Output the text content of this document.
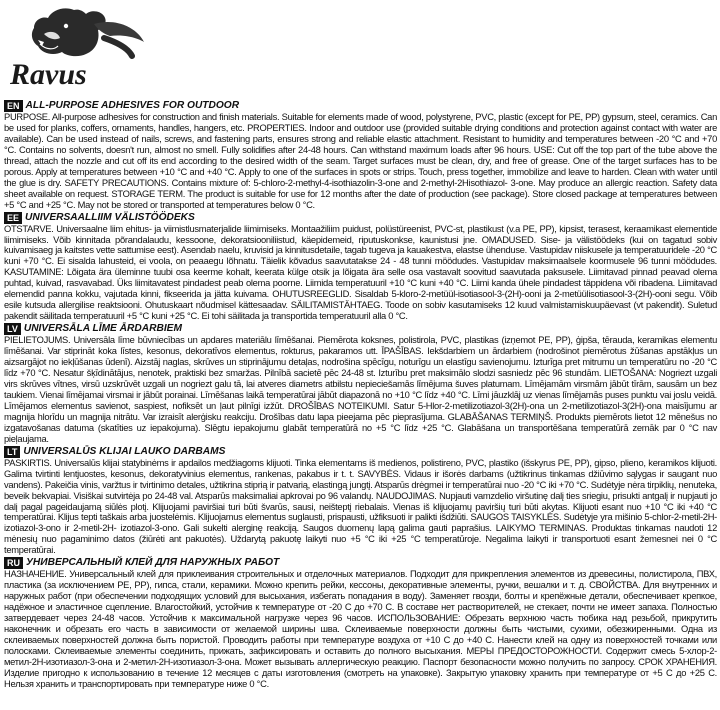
Ravus
EN ALL-PURPOSE ADHESIVES FOR OUTDOOR

PURPOSE. All-purpose adhesives for construction and finish materials. Suitable for elements made of wood, polystyrene, PVC, plastic (except for PE, PP) gypsum, steel, ceramics. Can be used for planks, coffers, ornaments, handles, hangers, etc. PROPERTIES. Indoor and outdoor use (provided suitable drying conditions and protection against contact with water are available). Can be used instead of nails, screws, and fastening parts, ensures strong and reliable elastic attachment. Resistant to humidity and temperatures between -20 °C and +70 °C. Contains no solvents, doesn't run, almost no smell. Fully solidifies after 24-48 hours. Can withstand maximum loads after 96 hours. USE: Cut off the top part of the tube above the thread, attach the nozzle and cut off its end according to the desired width of the seam. Target surfaces must be clean, dry, and free of grease. One of the target surfaces has to be porous. Apply at temperatures between +10 °C and +40 °C. Apply to one of the surfaces in spots or strips. Touch, press together, immobilize and leave to harden. Clean with water until the glue is dry. SAFETY PRECAUTIONS. Contains mixture of: 5-chloro-2-methyl-4-isothiazolin-3-one and 2-methyl-2Hisothiazol- 3-one. May produce an allergic reaction. Safety data sheet available on request. STORAGE TERM. The product is suitable for use for 12 months after the date of production (see package). Store closed package at temperatures between +5 °C and +25 °C. May not be stored or transported at temperatures below 0 °C.

EE UNIVERSAALLIIM VÄLISTÖÖDEKS

OTSTARVE. Universaalne liim ehitus- ja viimistlusmaterjalide liimimiseks. Montaažiliim puidust, polüstüreenist, PVC-st, plastikust (v.a PE, PP), kipsist, terasest, keraamikast elementide liimimiseks. Võib kinnitada põrandalaudu, kessoone, dekoratsiooniliistud, käepidemeid, riputuskonkse, kaunistusi jne. OMADUSED. Sise- ja välistöödeks (kui on tagatud sobiv kuivamisaeg ja kaitstes vette sattumise eest). Asendab naelu, kruvisid ja kinnitusdetaile, tagab tugeva ja kauakestva, elastse ühenduse. Vastupidav niiskusele ja temperatuuridele -20 °C kuni +70 °C. Ei sisalda lahusteid, ei voola, on peaaegu lõhnatu. Täielik kõvadus saavutatakse 24 - 48 tunni möödudes. Vastupidav maksimaalsele koormusele 96 tunni möödudes. KASUTAMINE: Lõigata ära üleminne tuubi osa keerme kohalt, keerata külge otsik ja lõigata ära selle osa vastavalt soovitud saavutada paksusele. Liimitavad pinnad peavad olema puhtad, kuivad, rasvavabad. Üks liimitavatest pindadest peab olema poorne. Liimida temperatuuril +10 °C kuni +40 °C. Liimi kanda ühele pindadest täppidena või ribadena. Liimitavad elemendid panna kokku, vajutada kinni, fikseerida ja jätta kuivama. OHUTUSREEGLID. Sisaldab 5-kloro-2-metüül-isotiasool-3-(2H)-ooni ja 2-metüülisotiasool-3-(2H)-ooni segu. Võib esile kutsuda allergilise reaktsiooni. Ohutuskaart nõudmisel kättesaadav. SÄILITAMISTÄHTAEG. Toode on sobiv kasutamiseks 12 kuud valmistamiskuupäevast (vt pakendit). Suletud pakendit säilitada temperatuuril +5 °C kuni +25 °C. Ei tohi säilitada ja transportida temperatuuril alla 0 °C.

LV UNIVERSĀLA LĪME ĀRDARBIEM

PIELIETOJUMS. Universāla līme būvniecības un apdares materiālu līmēšanai. Piemērota koksnes, polistirola, PVC, plastikas (izņemot PE, PP), ģipša, tērauda, keramikas elementu līmēšanai. Var stiprināt koka līstes, kesonus, dekoratīvos elementus, rokturus, pakaramos utt. ĪPAŠĪBAS. Iekšdarbiem un ārdarbiem (nodrošinot piemērotus žūšanas apstākļus un aizsargājot no iekļūšanas ūdenī). Aizstāj naglas, skrūves un stiprinājumu detaļas, nodrošina spēcīgu, noturīgu un elastīgu savienojumu. Izturīga pret mitrumu un temperatūru no -20 °C līdz +70 °C. Nesatur šķīdinātājus, nenotek, praktiski bez smaržas. Pilnībā sacietē pēc 24-48 st. Izturību pret maksimālo slodzi sasniedz pēc 96 stundām. LIETOŠANA: Nogriezt uzgali virs skrūves vītnes, virsū uzskrūvēt uzgali un nogriezt galu tā, lai atveres diametrs atbilstu nepieciešamās līmējuma šuves platumam. Līmējamām virsmām jābūt tīrām, sausām un bez taukiem. Vienai līmējamai virsmai ir jābūt porainai. Līmēšanas laikā temperatūrai jābūt diapazonā no +10 °C līdz +40 °C. Līmi jāuzklāj uz vienas līmējamās puses punktu vai joslu veidā. Līmējamos elementus savienot, saspiest, nofiksēt un ļaut pilnīgi izžūt. DROŠĪBAS NOTEIKUMI. Satur 5-Hlor-2-metilizotiazol-3(2H)-ona un 2-metilizotiazol-3(2H)-ona maisījumu ar magnija hlorīdu un magnija nitrātu. Var izraisīt alerģisku reakciju. Drošības datu lapa pieejama pēc pieprasījuma. GLABĀŠANAS TERMIŅŠ. Produkts piemērots lietot 12 mēnešus no izgatavošanas datuma (skatīties uz iepakojuma). Slēgtu iepakojumu glabāt temperatūrā no +5 °C līdz +25 °C. Glabāšana un transportēšana temperatūrā zemāk par 0 °C nav pieļaujama.

LT UNIVERSALŪS KLIJAI LAUKO DARBAMS

PASKIRTIS. Universalūs klijai statybinėms ir apdailos medžiagoms klijuoti. Tinka elementams iš medienos, polistireno, PVC, plastiko (išskyrus PE, PP), gipso, plieno, keramikos klijuoti. Galima tvirtinti lentjuostes, kesonus, dekoratyvinius elementus, rankenas, pakabus ir t. t. SAVYBĖS. Vidaus ir išorės darbams (užtikrinus tinkamas džiūvimo sąlygas ir saugant nuo vandens). Pakeičia vinis, varžtus ir tvirtinimo detales, užtikrina stiprią ir patvarią, elastingą jungtį. Atsparūs drėgmei ir temperatūrai nuo -20 °C iki +70 °C. Sudėtyje nėra tirpiklių, nenuteka, beveik bekvapiai. Visiškai sutvirtėja po 24-48 val. Atsparūs maksimaliai apkrovai po 96 valandų. NAUDOJIMAS. Nupjauti vamzdelio viršutinę dalį ties sriegiu, prisukti antgalį ir nupjauti jo dalį pagal pageidaujamą siūlės plotį. Klijuojami paviršiai turi būti švarūs, sausi, neišteptį riebalais. Vienas iš klijuojamų paviršių turi būti akytas. Klijuoti esant nuo +10 °C iki +40 °C temperatūrai. Klijus tepti taškais arba juostelėmis. Klijuojamus elementus suglausti, prispausti, užfiksuoti ir palikti išdžiūti. SAUGOS TAISYKLĖS. Sudėtyje yra mišinio 5-chlor-2-metil-2H-izotiazol-3-ono ir 2-metil-2H- izotiazol-3-ono. Gali sukelti alerginę reakciją. Saugos duomenų lapą galima gauti paprašius. LAIKYMO TERMINAS. Produktas tinkamas naudoti 12 mėnesių nuo pagaminimo datos (žiūrėti ant pakuotės). Uždarytą pakuotę laikyti nuo +5 °C iki +25 °C temperatūroje. Negalima laikyti ir transportuoti esant žemesnei nei 0 °C temperatūrai.

RU УНИВЕРСАЛЬНЫЙ КЛЕЙ ДЛЯ НАРУЖНЫХ РАБОТ

НАЗНАЧЕНИЕ. Универсальный клей для приклеивания строительных и отделочных материалов. Подходит для прикрепления элементов из древесины, полистирола, ПВХ, пластика (за исключением PE, PP), гипса, стали, керамики. Можно крепить рейки, кессоны, декоративные элементы, ручки, вешалки и т. д. СВОЙСТВА. Для внутренних и наружных работ (при обеспечении подходящих условий для высыхания, избегать попадания в воду). Заменяет гвозди, болты и крепёжные детали, обеспечивает крепкое, надёжное и эластичное сцепление. Влагостойкий, устойчив к температуре от -20 С до +70 С. В составе нет растворителей, не стекает, почти не имеет запаха. Полностью затвердевает через 24-48 часов. Устойчив к максимальной нагрузке через 96 часов. ИСПОЛЬЗОВАНИЕ: Обрезать верхнюю часть тюбика над резьбой, прикрутить наконечник и обрезать его часть в зависимости от желаемой ширины шва. Склеиваемые поверхности должны быть чистыми, сухими, обезжиренными. Одна из склеиваемых поверхностей должна быть пористой. Проводить работы при температуре воздуха от +10 С до +40 С. Нанести клей на одну из поверхностей точками или полосками. Склеиваемые элементы соединить, прижать, зафиксировать и оставить до полного высыхания. МЕРЫ ПРЕДОСТОРОЖНОСТИ. Содержит смесь 5-хлор-2-метил-2Н-изотиазол-3-она и 2-метил-2Н-изотиазол-3-она. Может вызывать аллергическую реакцию. Паспорт безопасности можно получить по запросу. СРОК ХРАНЕНИЯ. Изделие пригодно к использованию в течение 12 месяцев с даты изготовления (смотреть на упаковке). Закрытую упаковку хранить при температуре от +5 С до +25 С. Нельзя хранить и транспортировать при температуре ниже 0 °С.
